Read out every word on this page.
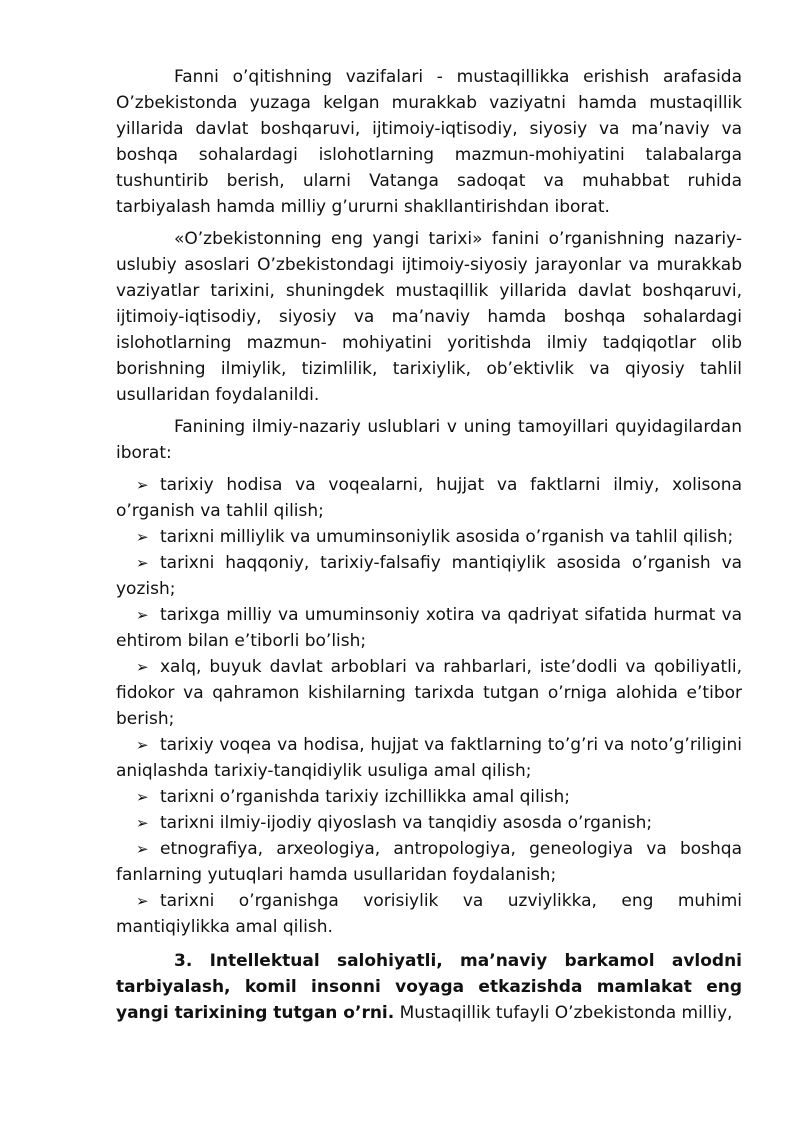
Fanni o’qitishning vazifalari - mustaqillikka erishish arafasida O’zbekistonda yuzaga kelgan murakkab vaziyatni hamda mustaqillik yillarida davlat boshqaruvi, ijtimoiy-iqtisodiy, siyosiy va ma’naviy va boshqa sohalardagi islohotlarning mazmun-mohiyatini talabalarga tushuntirib berish, ularni Vatanga sadoqat va muhabbat ruhida tarbiyalash hamda milliy g’ururni shakllantirishdan iborat.

«O’zbekistonning eng yangi tarixi» fanini o’rganishning nazariy-uslubiy asoslari O’zbekistondagi ijtimoiy-siyosiy jarayonlar va murakkab vaziyatlar tarixini, shuningdek mustaqillik yillarida davlat boshqaruvi, ijtimoiy-iqtisodiy, siyosiy va ma’naviy hamda boshqa sohalardagi islohotlarning mazmun- mohiyatini yoritishda ilmiy tadqiqotlar olib borishning ilmiylik, tizimlilik, tarixiylik, ob’ektivlik va qiyosiy tahlil usullaridan foydalanildi.

Fanining ilmiy-nazariy uslublari v uning tamoyillari quyidagilardan iborat:

➢ tarixiy hodisa va voqealarni, hujjat va faktlarni ilmiy, xolisona o’rganish va tahlil qilish;
➢ tarixni milliylik va umuminsoniylik asosida o’rganish va tahlil qilish;
➢ tarixni haqqoniy, tarixiy-falsafiy mantiqiylik asosida o’rganish va yozish;
➢ tarixga milliy va umuminsoniy xotira va qadriyat sifatida hurmat va ehtirom bilan e’tiborli bo’lish;
➢ xalq, buyuk davlat arboblari va rahbarlari, iste’dodli va qobiliyatli, fidokor va qahramon kishilarning tarixda tutgan o’rniga alohida e’tibor berish;
➢ tarixiy voqea va hodisa, hujjat va faktlarning to’g’ri va noto’g’riligini aniqlashda tarixiy-tanqidiylik usuliga amal qilish;
➢ tarixni o’rganishda tarixiy izchillikka amal qilish;
➢ tarixni ilmiy-ijodiy qiyoslash va tanqidiy asosda o’rganish;
➢ etnografiya, arxeologiya, antropologiya, geneologiya va boshqa fanlarning yutuqlari hamda usullaridan foydalanish;
➢ tarixni o’rganishga vorisiylik va uzviylikka, eng muhimi mantiqiylikka amal qilish.

3. Intellektual salohiyatli, ma’naviy barkamol avlodni tarbiyalash, komil insonni voyaga etkazishda mamlakat eng yangi tarixining tutgan o’rni. Mustaqillik tufayli O’zbekistonda milliy,
